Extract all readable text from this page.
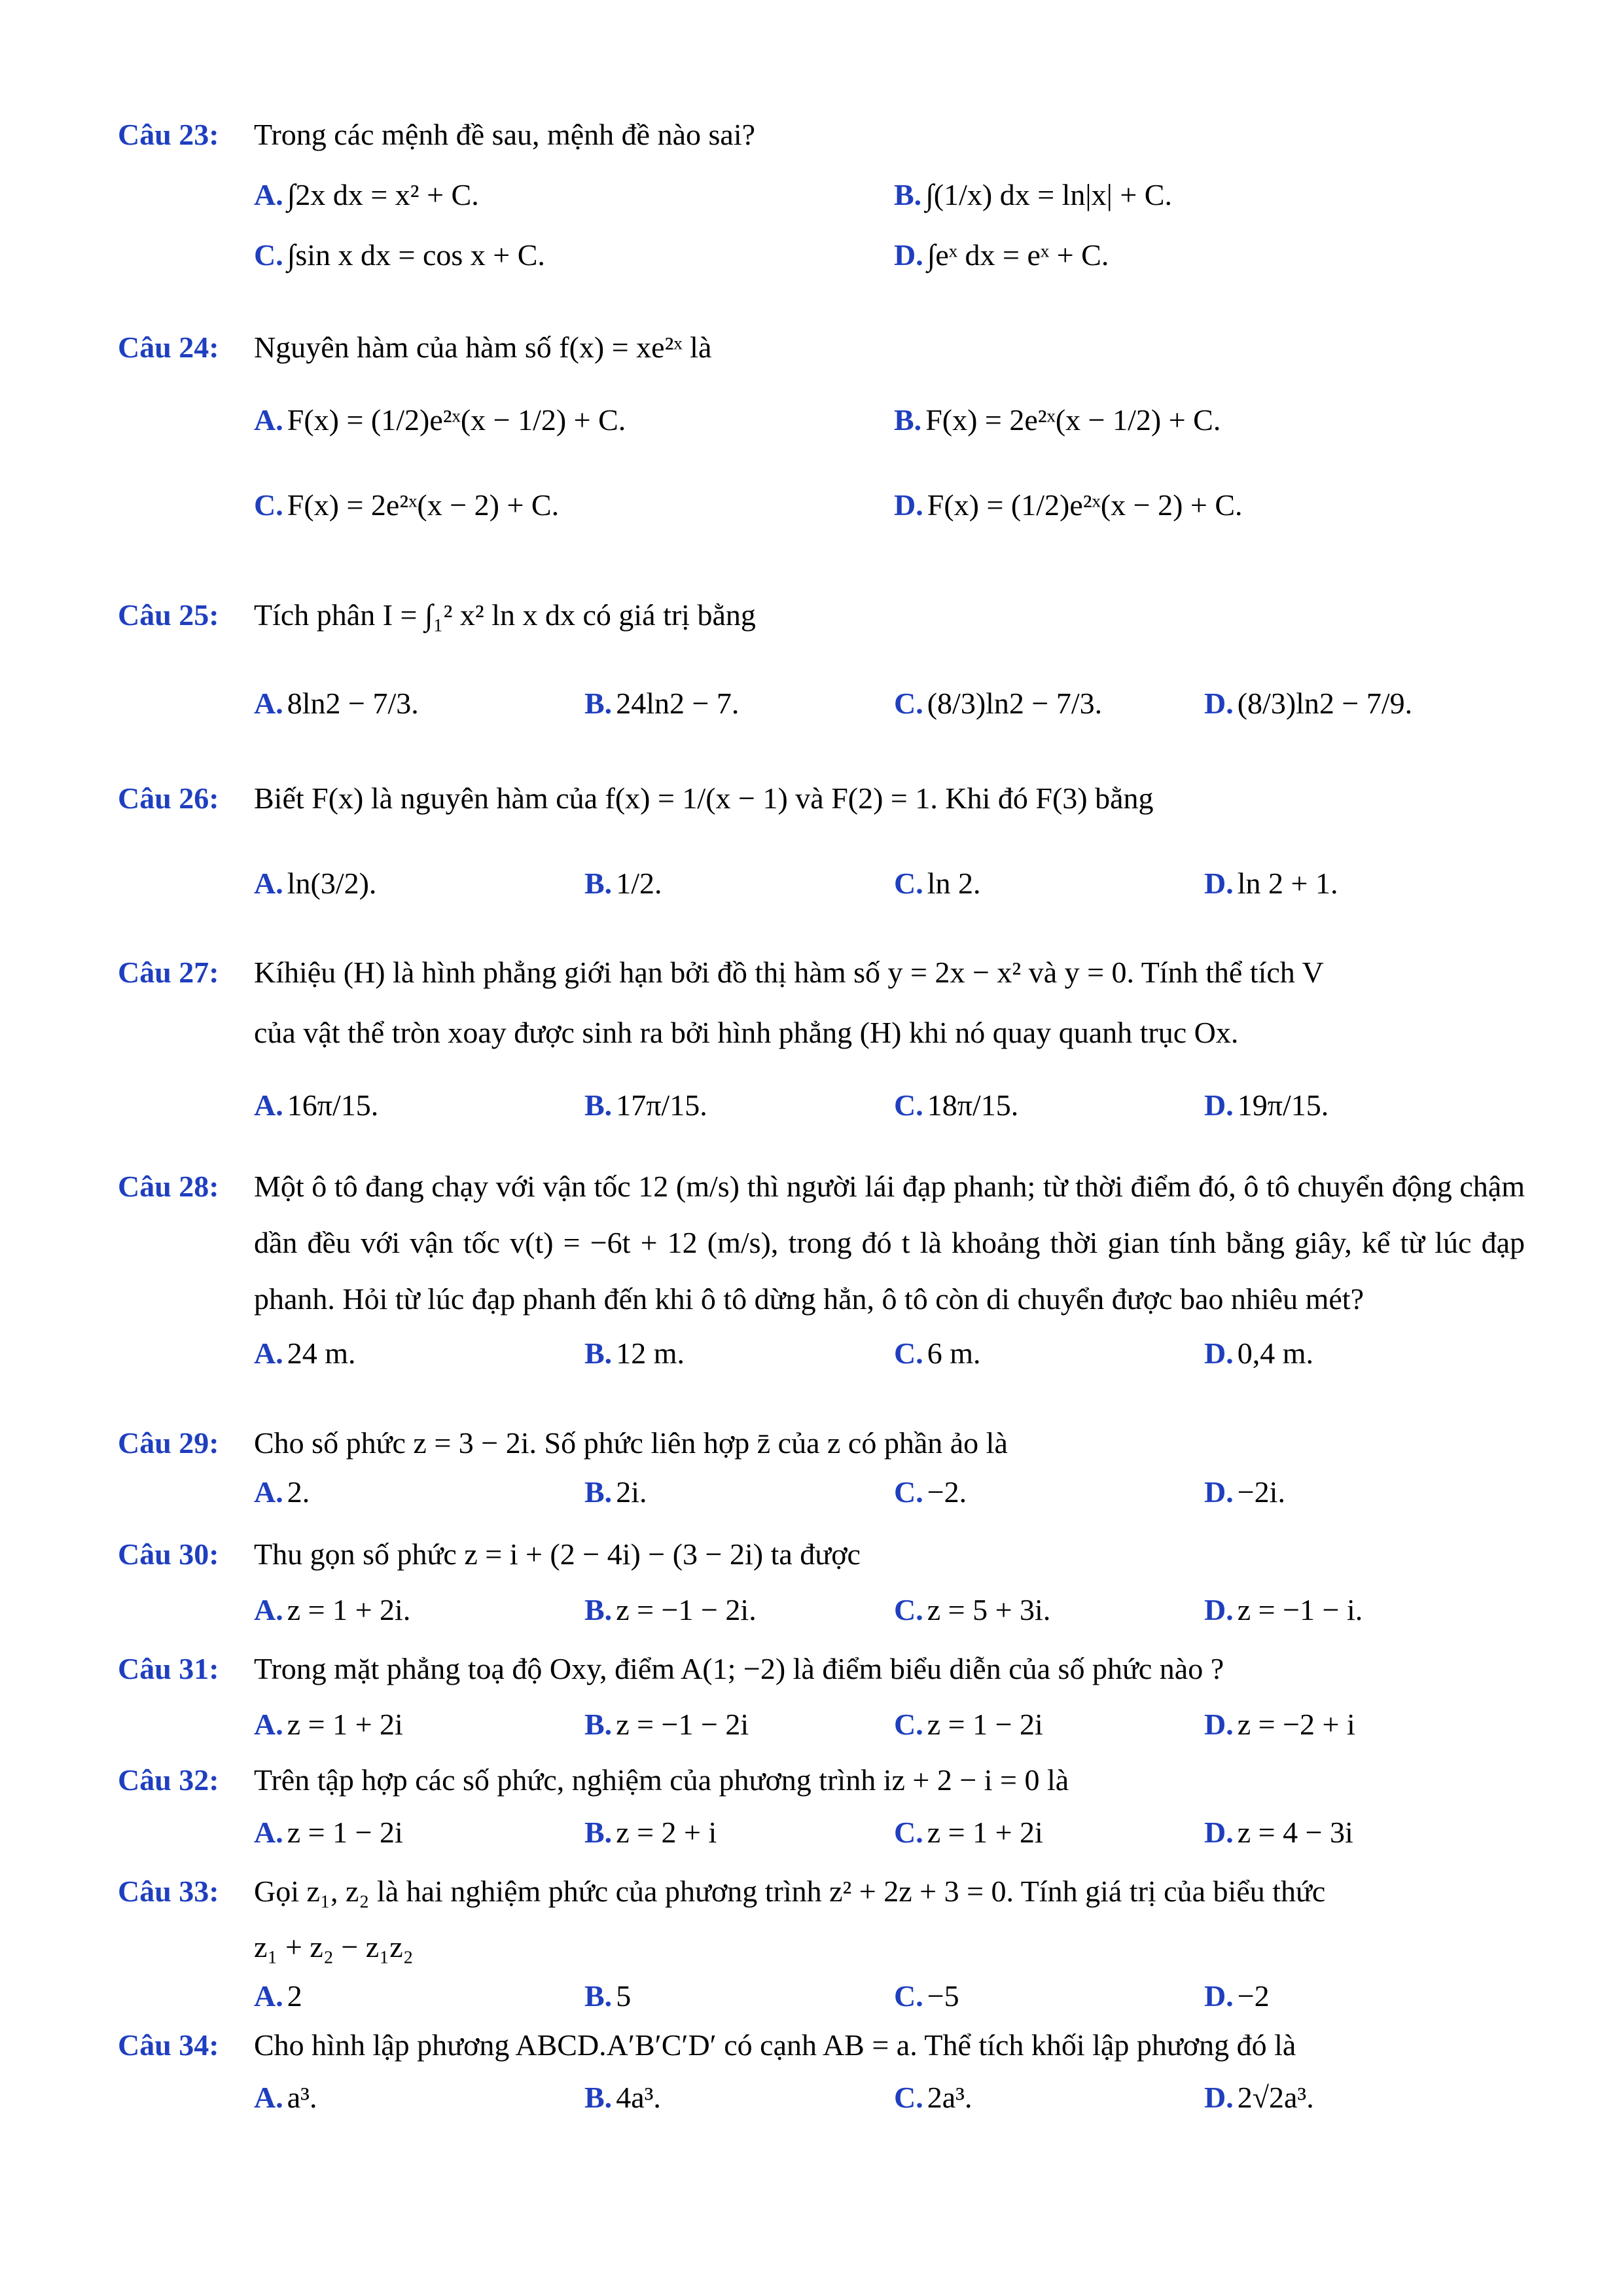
Câu 23: Trong các mệnh đề sau, mệnh đề nào sai?
A. ∫2x dx = x² + C.	B. ∫(1/x) dx = ln|x| + C.
C. ∫sin x dx = cos x + C.	D. ∫eˣ dx = eˣ + C.
Câu 24: Nguyên hàm của hàm số f(x) = xe²ˣ là
A. F(x) = (1/2)e²ˣ(x − 1/2) + C.	B. F(x) = 2e²ˣ(x − 1/2) + C.
C. F(x) = 2e²ˣ(x − 2) + C.	D. F(x) = (1/2)e²ˣ(x − 2) + C.
Câu 25: Tích phân I = ∫₁² x² ln x dx có giá trị bằng
A. 8ln2 − 7/3.	B. 24ln2 − 7.	C. (8/3)ln2 − 7/3.	D. (8/3)ln2 − 7/9.
Câu 26: Biết F(x) là nguyên hàm của f(x) = 1/(x − 1) và F(2) = 1. Khi đó F(3) bằng
A. ln(3/2).	B. 1/2.	C. ln 2.	D. ln 2 + 1.
Câu 27: Kíhiệu (H) là hình phẳng giới hạn bởi đồ thị hàm số y = 2x − x² và y = 0. Tính thể tích V
của vật thể tròn xoay được sinh ra bởi hình phẳng (H) khi nó quay quanh trục Ox.
A. 16π/15.	B. 17π/15.	C. 18π/15.	D. 19π/15.
Câu 28: Một ô tô đang chạy với vận tốc 12 (m/s) thì người lái đạp phanh; từ thời điểm đó, ô tô chuyển động chậm dần đều với vận tốc v(t) = −6t + 12 (m/s), trong đó t là khoảng thời gian tính bằng giây, kể từ lúc đạp phanh. Hỏi từ lúc đạp phanh đến khi ô tô dừng hẳn, ô tô còn di chuyển được bao nhiêu mét?
A. 24 m.	B. 12 m.	C. 6 m.	D. 0,4 m.
Câu 29: Cho số phức z = 3 − 2i. Số phức liên hợp z̄ của z có phần ảo là
A. 2.	B. 2i.	C. −2.	D. −2i.
Câu 30: Thu gọn số phức z = i + (2 − 4i) − (3 − 2i) ta được
A. z = 1 + 2i.	B. z = −1 − 2i.	C. z = 5 + 3i.	D. z = −1 − i.
Câu 31: Trong mặt phẳng toạ độ Oxy, điểm A(1; −2) là điểm biểu diễn của số phức nào ?
A. z = 1 + 2i	B. z = −1 − 2i	C. z = 1 − 2i	D. z = −2 + i
Câu 32: Trên tập hợp các số phức, nghiệm của phương trình iz + 2 − i = 0 là
A. z = 1 − 2i	B. z = 2 + i	C. z = 1 + 2i	D. z = 4 − 3i
Câu 33: Gọi z₁, z₂ là hai nghiệm phức của phương trình z² + 2z + 3 = 0. Tính giá trị của biểu thức
z₁ + z₂ − z₁z₂
A. 2	B. 5	C. −5	D. −2
Câu 34: Cho hình lập phương ABCD.A′B′C′D′ có cạnh AB = a. Thể tích khối lập phương đó là
A. a³.	B. 4a³.	C. 2a³.	D. 2√2a³.
